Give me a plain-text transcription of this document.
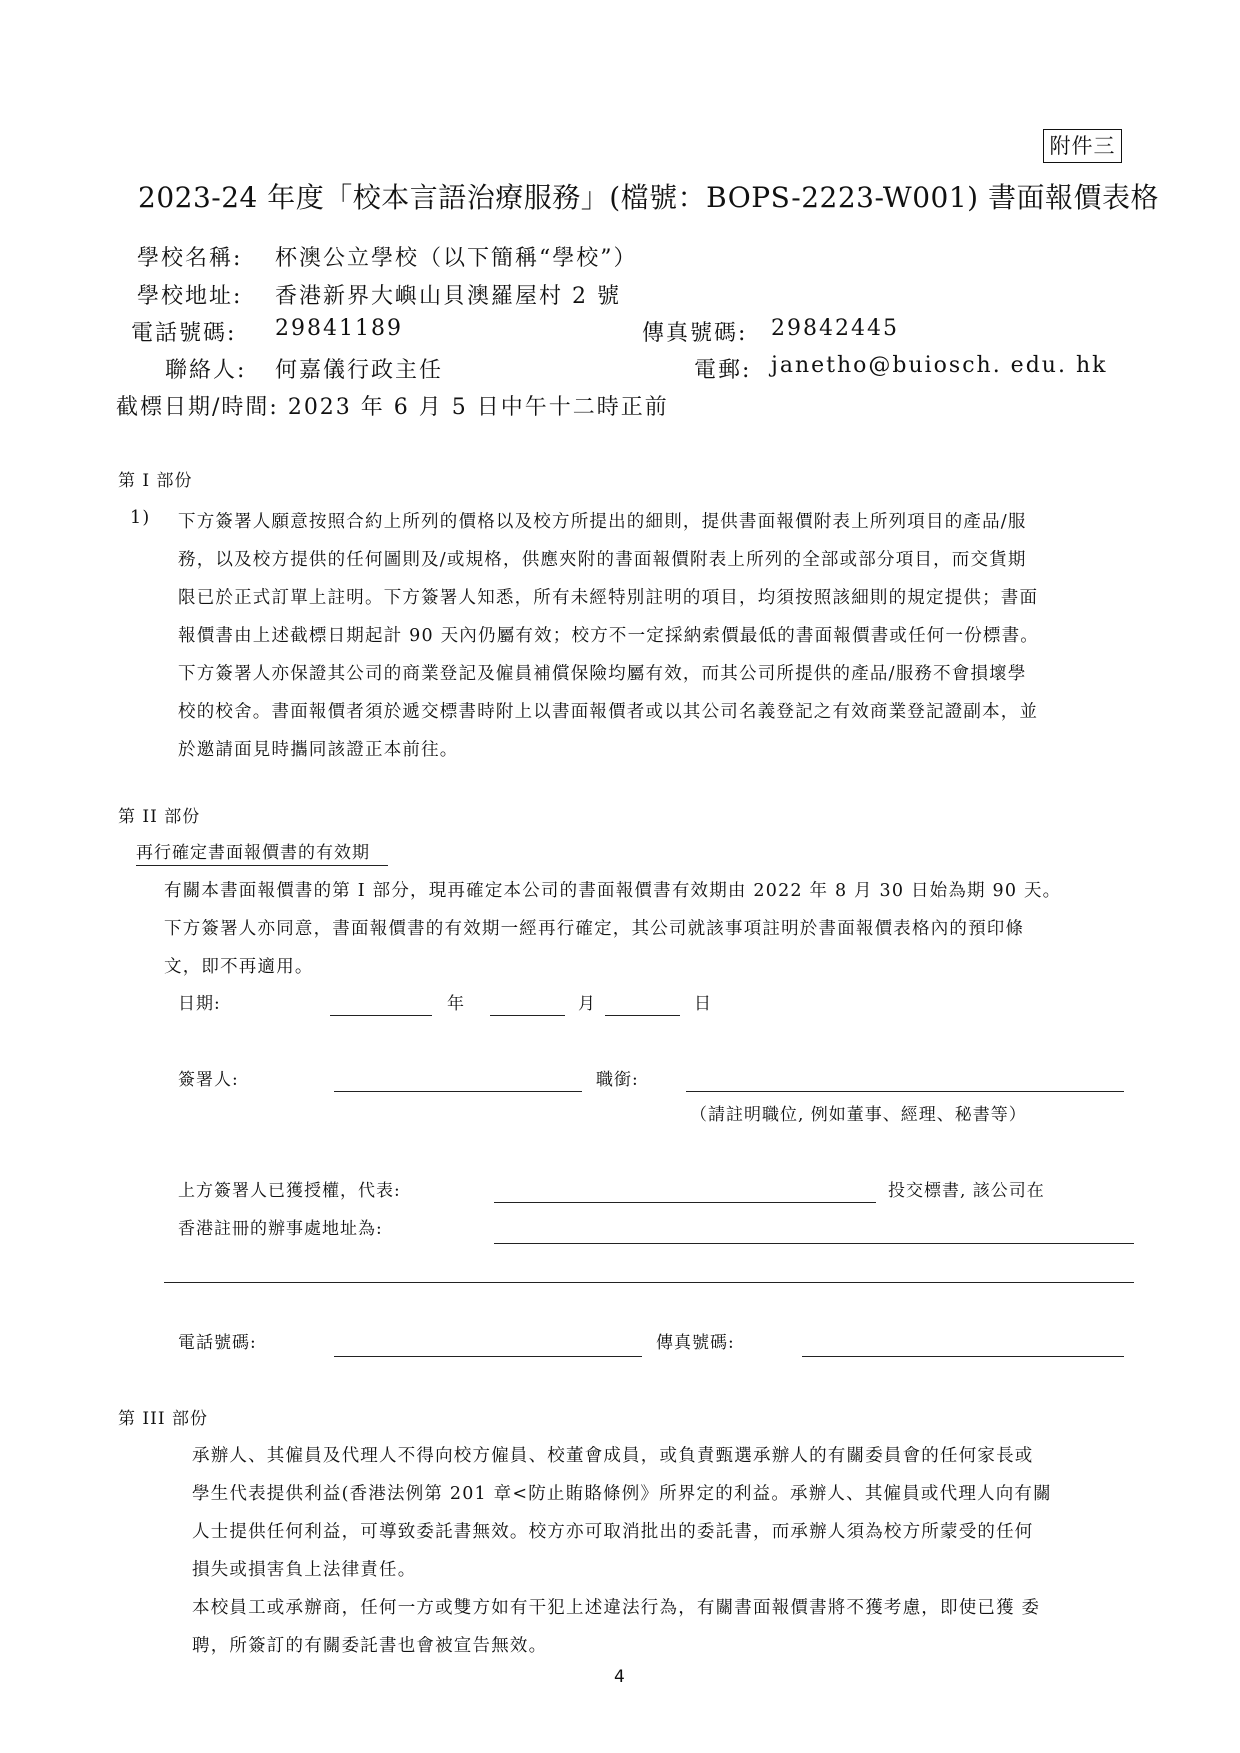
附件三
2023-24 年度「校本言語治療服務」(檔號：BOPS-2223-W001) 書面報價表格
學校名稱: 杯澳公立學校（以下簡稱“學校”）
學校地址: 香港新界大嶼山貝澳羅屋村 2 號
電話號碼: 29841189	傳真號碼: 29842445
聯絡人: 何嘉儀行政主任	電郵: janetho@buiosch. edu. hk
截標日期/時間: 2023 年 6 月 5 日中午十二時正前
第 I 部份
1) 下方簽署人願意按照合約上所列的價格以及校方所提出的細則，提供書面報價附表上所列項目的產品/服
務，以及校方提供的任何圖則及/或規格，供應夾附的書面報價附表上所列的全部或部分項目，而交貨期
限已於正式訂單上註明。下方簽署人知悉，所有未經特別註明的項目，均須按照該細則的規定提供；書面
報價書由上述截標日期起計 90 天內仍屬有效；校方不一定採納索價最低的書面報價書或任何一份標書。
下方簽署人亦保證其公司的商業登記及僱員補償保險均屬有效，而其公司所提供的產品/服務不會損壞學
校的校舍。書面報價者須於遞交標書時附上以書面報價者或以其公司名義登記之有效商業登記證副本，並
於邀請面見時攜同該證正本前往。
第 II 部份
再行確定書面報價書的有效期
有關本書面報價書的第 I 部分，現再確定本公司的書面報價書有效期由 2022 年 8 月 30 日始為期 90 天。
下方簽署人亦同意，書面報價書的有效期一經再行確定，其公司就該事項註明於書面報價表格內的預印條
文，即不再適用。
日期:	年	月	日
簽署人:	職銜:
（請註明職位, 例如董事、經理、秘書等）
上方簽署人已獲授權，代表:	投交標書, 該公司在
香港註冊的辦事處地址為:
電話號碼:	傳真號碼:
第 III 部份
承辦人、其僱員及代理人不得向校方僱員、校董會成員，或負責甄選承辦人的有關委員會的任何家長或
學生代表提供利益(香港法例第 201 章<防止賄賂條例》所界定的利益。承辦人、其僱員或代理人向有關
人士提供任何利益，可導致委託書無效。校方亦可取消批出的委託書，而承辦人須為校方所蒙受的任何
損失或損害負上法律責任。
本校員工或承辦商，任何一方或雙方如有干犯上述違法行為，有關書面報價書將不獲考慮，即使已獲 委
聘，所簽訂的有關委託書也會被宣告無效。
4
